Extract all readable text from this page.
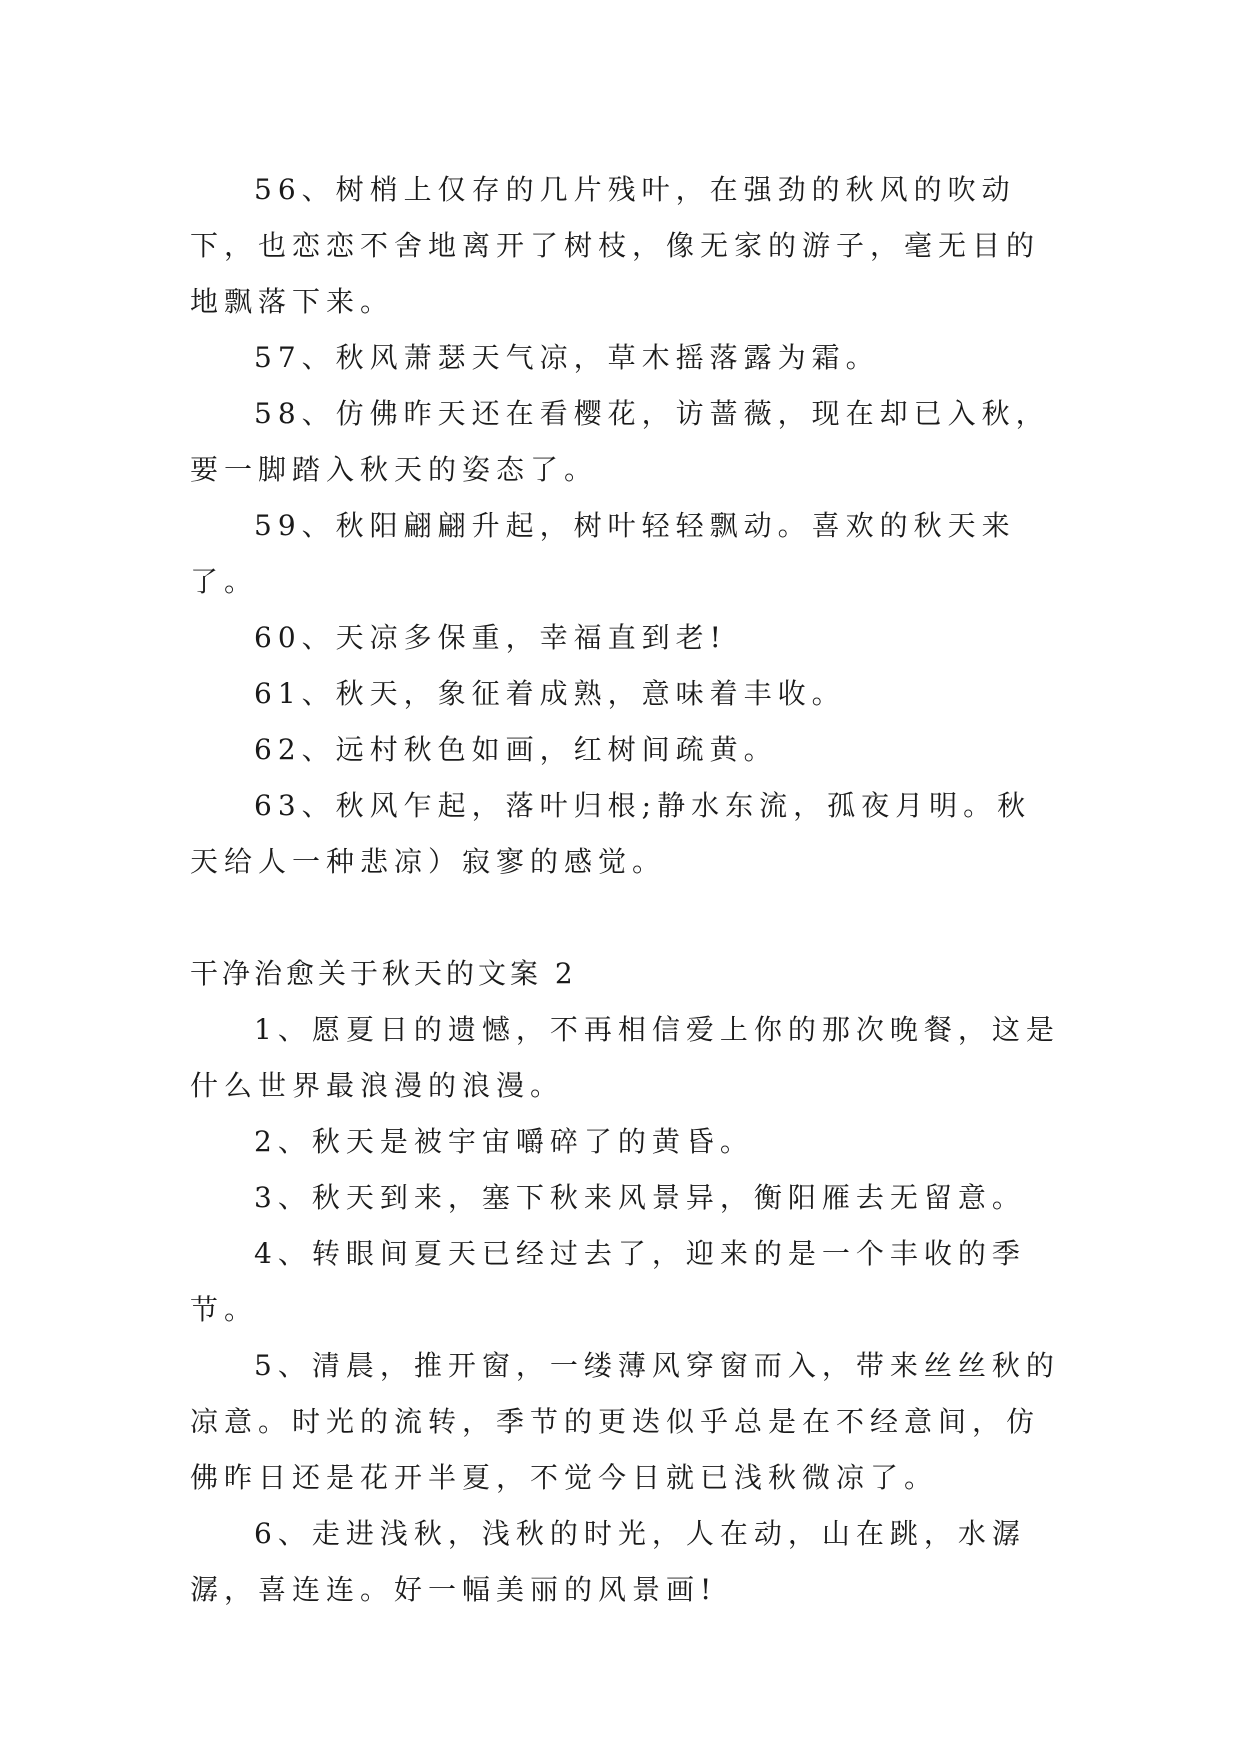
56、树梢上仅存的几片残叶，在强劲的秋风的吹动下，也恋恋不舍地离开了树枝，像无家的游子，毫无目的地飘落下来。

57、秋风萧瑟天气凉，草木摇落露为霜。

58、仿佛昨天还在看樱花，访蔷薇，现在却已入秋，要一脚踏入秋天的姿态了。

59、秋阳翩翩升起，树叶轻轻飘动。喜欢的秋天来了。

60、天凉多保重，幸福直到老!

61、秋天，象征着成熟，意味着丰收。

62、远村秋色如画，红树间疏黄。

63、秋风乍起，落叶归根;静水东流，孤夜月明。秋天给人一种悲凉）寂寥的感觉。

干净治愈关于秋天的文案 2

1、愿夏日的遗憾，不再相信爱上你的那次晚餐，这是什么世界最浪漫的浪漫。

2、秋天是被宇宙嚼碎了的黄昏。

3、秋天到来，塞下秋来风景异，衡阳雁去无留意。

4、转眼间夏天已经过去了，迎来的是一个丰收的季节。

5、清晨，推开窗，一缕薄风穿窗而入，带来丝丝秋的凉意。时光的流转，季节的更迭似乎总是在不经意间，仿佛昨日还是花开半夏，不觉今日就已浅秋微凉了。

6、走进浅秋，浅秋的时光，人在动，山在跳，水潺潺，喜连连。好一幅美丽的风景画!
